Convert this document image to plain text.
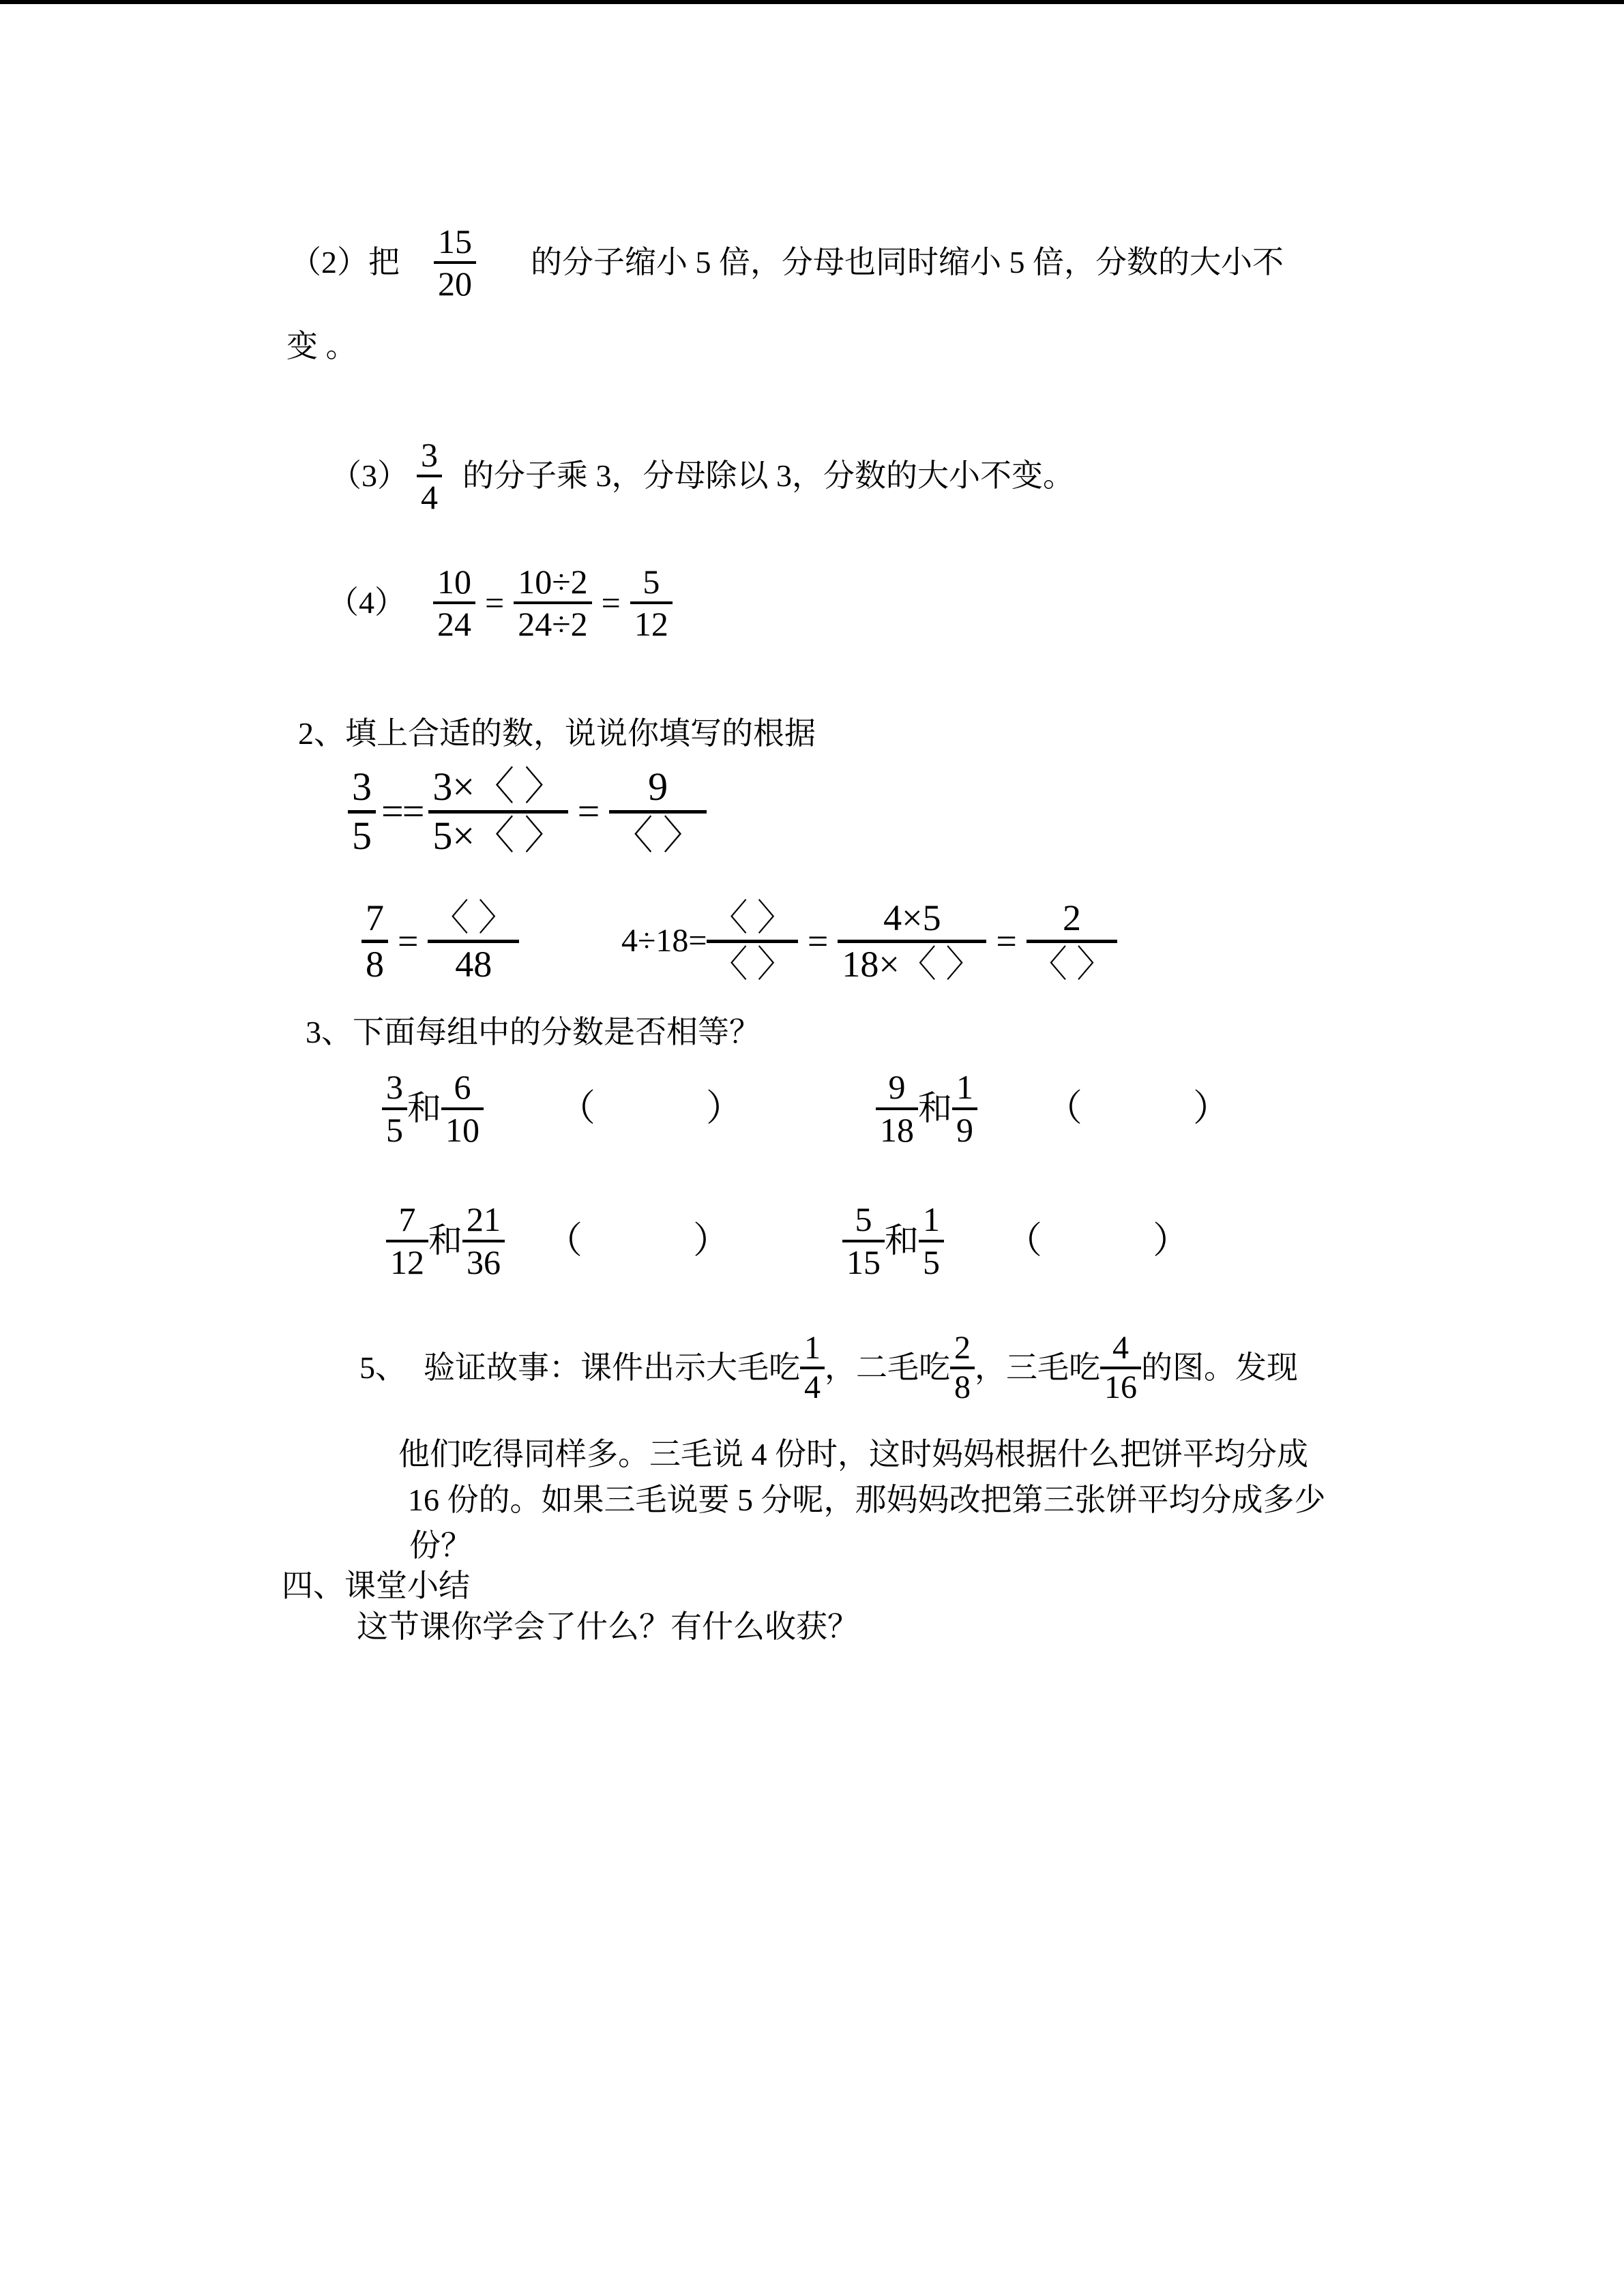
（2）把 $\frac{15}{20}$ 的分子缩小 5 倍，分母也同时缩小 5 倍，分数的大小不
变 。
$(3) \frac{3}{4}$ 的分子乘 3，分母除以 3，分数的大小不变。
$(4) \frac{10}{24} = \frac{10\div 2}{24\div 2} = \frac{5}{12}$
2、填上合适的数，说说你填写的根据
3
5
==
3×〈 〉
5×〈 〉
=
9
〈 〉
7
8
=
〈 〉
48
4÷18=
〈 〉
〈 〉
=
4×5
18×〈 〉
=
2
〈 〉
3、下面每组中的分数是否相等？
$\frac{3}{5}$ 和 $\frac{6}{10}$ （　　　）	$\frac{9}{18}$ 和 $\frac{1}{9}$ （　　　）
$\frac{7}{12}$ 和 $\frac{21}{36}$ （　　　）	$\frac{5}{15}$ 和 $\frac{1}{5}$ （　　　）
5、 验证故事：课件出示大毛吃 $\frac{1}{4}$ ，二毛吃 $\frac{2}{8}$ ，三毛吃 $\frac{4}{16}$ 的图。发现
他们吃得同样多。三毛说 4 份时，这时妈妈根据什么把饼平均分成
16 份的。如果三毛说要 5 分呢，那妈妈改把第三张饼平均分成多少
份？
四、课堂小结
这节课你学会了什么？有什么收获？
